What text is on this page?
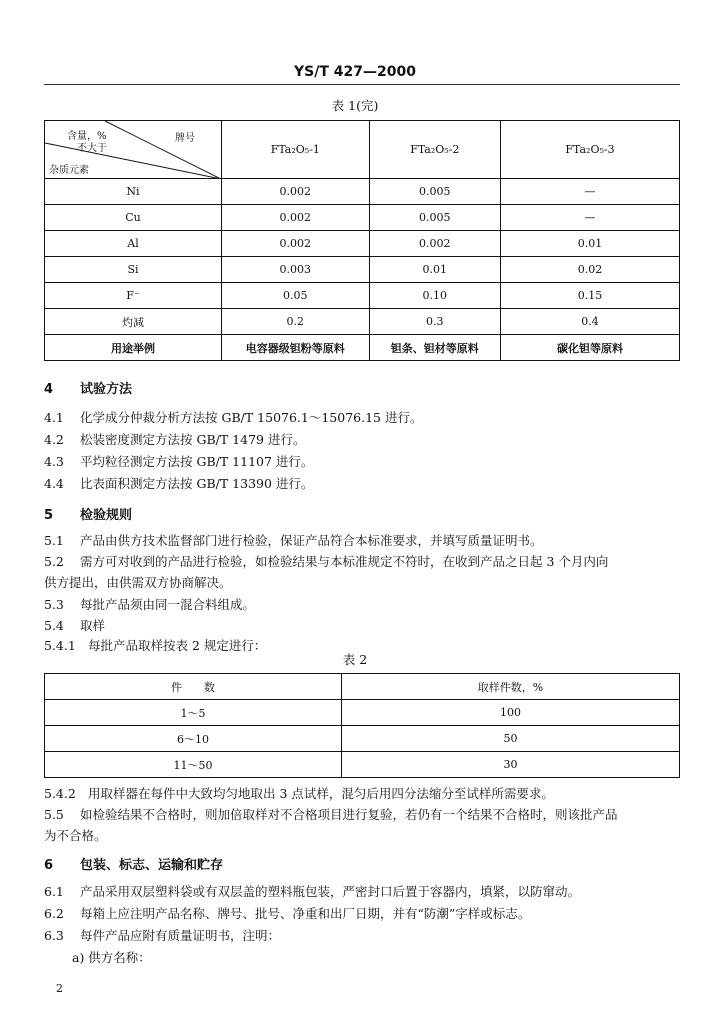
YS/T 427—2000
表 1(完)
含量，%
不大于
牌号
杂质元素	FTa₂O₅-1	FTa₂O₅-2	FTa₂O₅-3
Ni	0.002	0.005	—
Cu	0.002	0.005	—
Al	0.002	0.002	0.01
Si	0.003	0.01	0.02
F⁻	0.05	0.10	0.15
灼减	0.2	0.3	0.4
用途举例	电容器级钽粉等原料	钽条、钽材等原料	碳化钽等原料
4 试验方法
4.1 化学成分仲裁分析方法按 GB/T 15076.1～15076.15 进行。
4.2 松装密度测定方法按 GB/T 1479 进行。
4.3 平均粒径测定方法按 GB/T 11107 进行。
4.4 比表面积测定方法按 GB/T 13390 进行。
5 检验规则
5.1 产品由供方技术监督部门进行检验，保证产品符合本标准要求，并填写质量证明书。
5.2 需方可对收到的产品进行检验，如检验结果与本标准规定不符时，在收到产品之日起 3 个月内向
供方提出，由供需双方协商解决。
5.3 每批产品须由同一混合料组成。
5.4 取样
5.4.1 每批产品取样按表 2 规定进行：
表 2
件　　数	取样件数，%
1～5	100
6～10	50
11～50	30
5.4.2 用取样器在每件中大致均匀地取出 3 点试样，混匀后用四分法缩分至试样所需要求。
5.5 如检验结果不合格时，则加倍取样对不合格项目进行复验，若仍有一个结果不合格时，则该批产品
为不合格。
6 包装、标志、运输和贮存
6.1 产品采用双层塑料袋或有双层盖的塑料瓶包装，严密封口后置于容器内，填紧，以防窜动。
6.2 每箱上应注明产品名称、牌号、批号、净重和出厂日期，并有“防潮”字样或标志。
6.3 每件产品应附有质量证明书，注明：
a) 供方名称：
2
